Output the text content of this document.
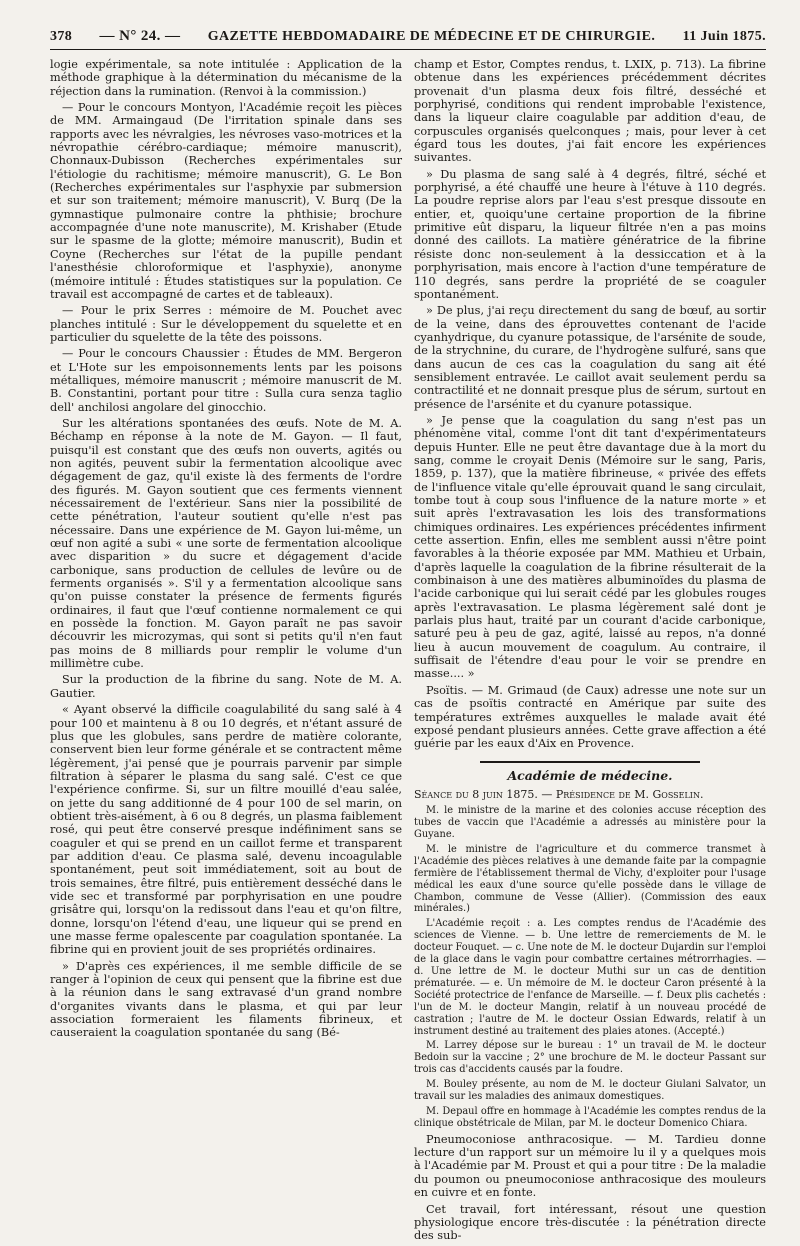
378 — N° 24. — GAZETTE HEBDOMADAIRE DE MÉDECINE ET DE CHIRURGIE. 11 Juin 1875.

logie expérimentale, sa note intitulée : Application de la méthode graphique à la détermination du mécanisme de la réjection dans la rumination. (Renvoi à la commission.)

— Pour le concours Montyon, l'Académie reçoit les pièces de MM. Armaingaud (De l'irritation spinale dans ses rapports avec les névralgies, les névroses vaso-motrices et la névropathie cérébro-cardiaque; mémoire manuscrit), Chonnaux-Dubisson (Recherches expérimentales sur l'étiologie du rachitisme; mémoire manuscrit), G. Le Bon (Recherches expérimentales sur l'asphyxie par submersion et sur son traitement; mémoire manuscrit), V. Burq (De la gymnastique pulmonaire contre la phthisie; brochure accompagnée d'une note manuscrite), M. Krishaber (Etude sur le spasme de la glotte; mémoire manuscrit), Budin et Coyne (Recherches sur l'état de la pupille pendant l'anesthésie chloroformique et l'asphyxie), anonyme (mémoire intitulé : Études statistiques sur la population. Ce travail est accompagné de cartes et de tableaux).

— Pour le prix Serres : mémoire de M. Pouchet avec planches intitulé : Sur le développement du squelette et en particulier du squelette de la tête des poissons.

— Pour le concours Chaussier : Études de MM. Bergeron et L'Hote sur les empoisonnements lents par les poisons métalliques, mémoire manuscrit ; mémoire manuscrit de M. B. Constantini, portant pour titre : Sulla cura senza taglio dell' anchilosi angolare del ginocchio.

Sur les altérations spontanées des œufs. Note de M. A. Béchamp en réponse à la note de M. Gayon. — Il faut, puisqu'il est constant que des œufs non ouverts, agités ou non agités, peuvent subir la fermentation alcoolique avec dégagement de gaz, qu'il existe là des ferments de l'ordre des figurés. M. Gayon soutient que ces ferments viennent nécessairement de l'extérieur. Sans nier la possibilité de cette pénétration, l'auteur soutient qu'elle n'est pas nécessaire. Dans une expérience de M. Gayon lui-même, un œuf non agité a subi « une sorte de fermentation alcoolique avec disparition » du sucre et dégagement d'acide carbonique, sans production de cellules de levûre ou de ferments organisés ». S'il y a fermentation alcoolique sans qu'on puisse constater la présence de ferments figurés ordinaires, il faut que l'œuf contienne normalement ce qui en possède la fonction. M. Gayon paraît ne pas savoir découvrir les microzymas, qui sont si petits qu'il n'en faut pas moins de 8 milliards pour remplir le volume d'un millimètre cube.

Sur la production de la fibrine du sang. Note de M. A. Gautier.

« Ayant observé la difficile coagulabilité du sang salé à 4 pour 100 et maintenu à 8 ou 10 degrés, et n'étant assuré de plus que les globules, sans perdre de matière colorante, conservent bien leur forme générale et se contractent même légèrement, j'ai pensé que je pourrais parvenir par simple filtration à séparer le plasma du sang salé. C'est ce que l'expérience confirme. Si, sur un filtre mouillé d'eau salée, on jette du sang additionné de 4 pour 100 de sel marin, on obtient très-aisément, à 6 ou 8 degrés, un plasma faiblement rosé, qui peut être conservé presque indéfiniment sans se coaguler et qui se prend en un caillot ferme et transparent par addition d'eau. Ce plasma salé, devenu incoagulable spontanément, peut soit immédiatement, soit au bout de trois semaines, être filtré, puis entièrement desséché dans le vide sec et transformé par porphyrisation en une poudre grisâtre qui, lorsqu'on la redissout dans l'eau et qu'on filtre, donne, lorsqu'on l'étend d'eau, une liqueur qui se prend en une masse ferme opalescente par coagulation spontanée. La fibrine qui en provient jouit de ses propriétés ordinaires.

» D'après ces expériences, il me semble difficile de se ranger à l'opinion de ceux qui pensent que la fibrine est due à la réunion dans le sang extravasé d'un grand nombre d'organites vivants dans le plasma, et qui par leur association formeraient les filaments fibrineux, et causeraient la coagulation spontanée du sang (Bé-

champ et Estor, Comptes rendus, t. LXIX, p. 713). La fibrine obtenue dans les expériences précédemment décrites provenait d'un plasma deux fois filtré, desséché et porphyrisé, conditions qui rendent improbable l'existence, dans la liqueur claire coagulable par addition d'eau, de corpuscules organisés quelconques ; mais, pour lever à cet égard tous les doutes, j'ai fait encore les expériences suivantes.

» Du plasma de sang salé à 4 degrés, filtré, séché et porphyrisé, a été chauffé une heure à l'étuve à 110 degrés. La poudre reprise alors par l'eau s'est presque dissoute en entier, et, quoiqu'une certaine proportion de la fibrine primitive eût disparu, la liqueur filtrée n'en a pas moins donné des caillots. La matière génératrice de la fibrine résiste donc non-seulement à la dessiccation et à la porphyrisation, mais encore à l'action d'une température de 110 degrés, sans perdre la propriété de se coaguler spontanément.

» De plus, j'ai reçu directement du sang de bœuf, au sortir de la veine, dans des éprouvettes contenant de l'acide cyanhydrique, du cyanure potassique, de l'arsénite de soude, de la strychnine, du curare, de l'hydrogène sulfuré, sans que dans aucun de ces cas la coagulation du sang ait été sensiblement entravée. Le caillot avait seulement perdu sa contractilité et ne donnait presque plus de sérum, surtout en présence de l'arsénite et du cyanure potassique.

» Je pense que la coagulation du sang n'est pas un phénomène vital, comme l'ont dit tant d'expérimentateurs depuis Hunter. Elle ne peut être davantage due à la mort du sang, comme le croyait Denis (Mémoire sur le sang, Paris, 1859, p. 137), que la matière fibrineuse, « privée des effets de l'influence vitale qu'elle éprouvait quand le sang circulait, tombe tout à coup sous l'influence de la nature morte » et suit après l'extravasation les lois des transformations chimiques ordinaires. Les expériences précédentes infirment cette assertion. Enfin, elles me semblent aussi n'être point favorables à la théorie exposée par MM. Mathieu et Urbain, d'après laquelle la coagulation de la fibrine résulterait de la combinaison à une des matières albuminoïdes du plasma de l'acide carbonique qui lui serait cédé par les globules rouges après l'extravasation. Le plasma légèrement salé dont je parlais plus haut, traité par un courant d'acide carbonique, saturé peu à peu de gaz, agité, laissé au repos, n'a donné lieu à aucun mouvement de coagulum. Au contraire, il suffisait de l'étendre d'eau pour le voir se prendre en masse.... »

Psoïtis. — M. Grimaud (de Caux) adresse une note sur un cas de psoïtis contracté en Amérique par suite des températures extrêmes auxquelles le malade avait été exposé pendant plusieurs années. Cette grave affection a été guérie par les eaux d'Aix en Provence.

Académie de médecine.

Séance du 8 juin 1875. — Présidence de M. Gosselin.

M. le ministre de la marine et des colonies accuse réception des tubes de vaccin que l'Académie a adressés au ministère pour la Guyane.

M. le ministre de l'agriculture et du commerce transmet à l'Académie des pièces relatives à une demande faite par la compagnie fermière de l'établissement thermal de Vichy, d'exploiter pour l'usage médical les eaux d'une source qu'elle possède dans le village de Chambon, commune de Vesse (Allier). (Commission des eaux minérales.)

L'Académie reçoit : a. Les comptes rendus de l'Académie des sciences de Vienne. — b. Une lettre de remerciements de M. le docteur Fouquet. — c. Une note de M. le docteur Dujardin sur l'emploi de la glace dans le vagin pour combattre certaines métrorrhagies. — d. Une lettre de M. le docteur Muthi sur un cas de dentition prématurée. — e. Un mémoire de M. le docteur Caron présenté à la Société protectrice de l'enfance de Marseille. — f. Deux plis cachetés : l'un de M. le docteur Mangin, relatif à un nouveau procédé de castration ; l'autre de M. le docteur Ossian Edwards, relatif à un instrument destiné au traitement des plaies atones. (Accepté.)

M. Larrey dépose sur le bureau : 1° un travail de M. le docteur Bedoin sur la vaccine ; 2° une brochure de M. le docteur Passant sur trois cas d'accidents causés par la foudre.

M. Bouley présente, au nom de M. le docteur Giulani Salvator, un travail sur les maladies des animaux domestiques.

M. Depaul offre en hommage à l'Académie les comptes rendus de la clinique obstétricale de Milan, par M. le docteur Domenico Chiara.

Pneumoconiose anthracosique. — M. Tardieu donne lecture d'un rapport sur un mémoire lu il y a quelques mois à l'Académie par M. Proust et qui a pour titre : De la maladie du poumon ou pneumoconiose anthracosique des mouleurs en cuivre et en fonte.

Cet travail, fort intéressant, résout une question physiologique encore très-discutée : la pénétration directe des sub-
